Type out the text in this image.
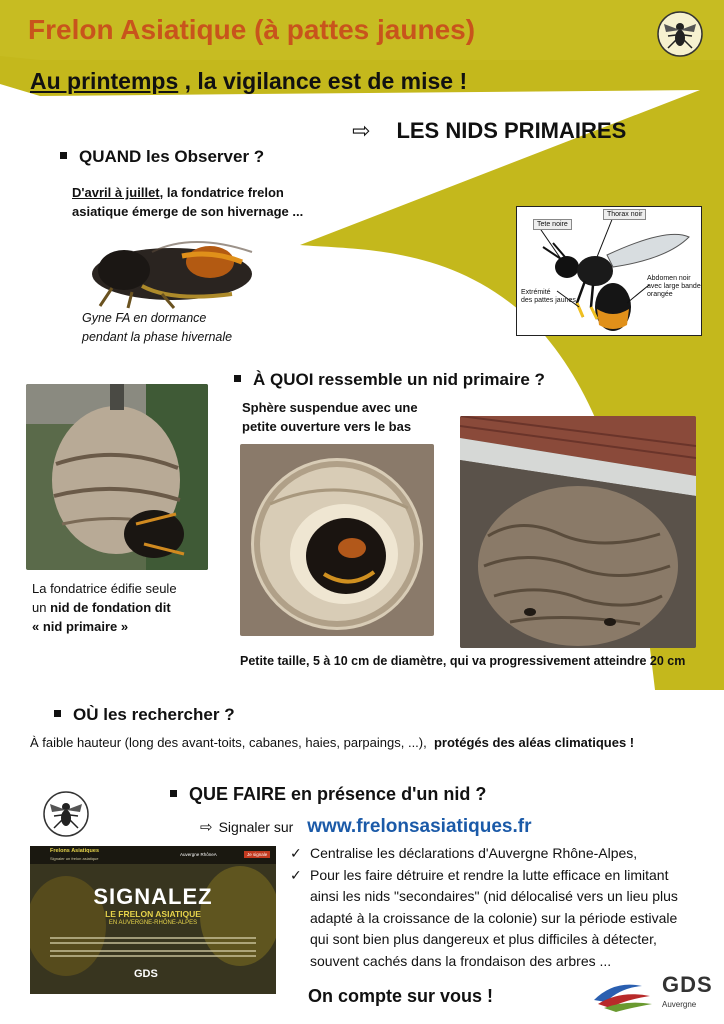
Frelon Asiatique (à pattes jaunes)
Au printemps , la vigilance est de mise !
⇨ LES NIDS PRIMAIRES
QUAND les Observer ?
D'avril à juillet, la fondatrice frelon
asiatique émerge de son hivernage ...
Gyne FA en dormance
pendant la phase hivernale
Tete noire
Thorax noir
Extrémité
des pattes jaunes
Abdomen noir
avec large bande
orangée
À QUOI ressemble un nid primaire ?
Sphère suspendue avec une
petite ouverture vers le bas
La fondatrice édifie seule
un nid de fondation dit
« nid primaire »
Petite taille, 5 à 10 cm de diamètre, qui va progressivement atteindre 20 cm
OÙ les rechercher ?
À faible hauteur (long des avant-toits, cabanes, haies, parpaings, ...), protégés des aléas climatiques !
QUE FAIRE en présence d'un nid ?
⇨ Signaler sur www.frelonsasiatiques.fr
Frelons Asiatiques
Signaler un frelon asiatique
Auvergne RhôneA	Je signale
SIGNALEZ
LE FRELON ASIATIQUE
EN AUVERGNE-RHÔNE-ALPES
GDS
✓ Centralise les déclarations d'Auvergne Rhône-Alpes,
✓ Pour les faire détruire et rendre la lutte efficace en limitant
ainsi les nids "secondaires" (nid délocalisé vers un lieu plus
adapté à la croissance de la colonie) sur la période estivale
qui sont bien plus dangereux et plus difficiles à détecter,
souvent cachés dans la frondaison des arbres ...
On compte sur vous !	GDS
Auvergne
